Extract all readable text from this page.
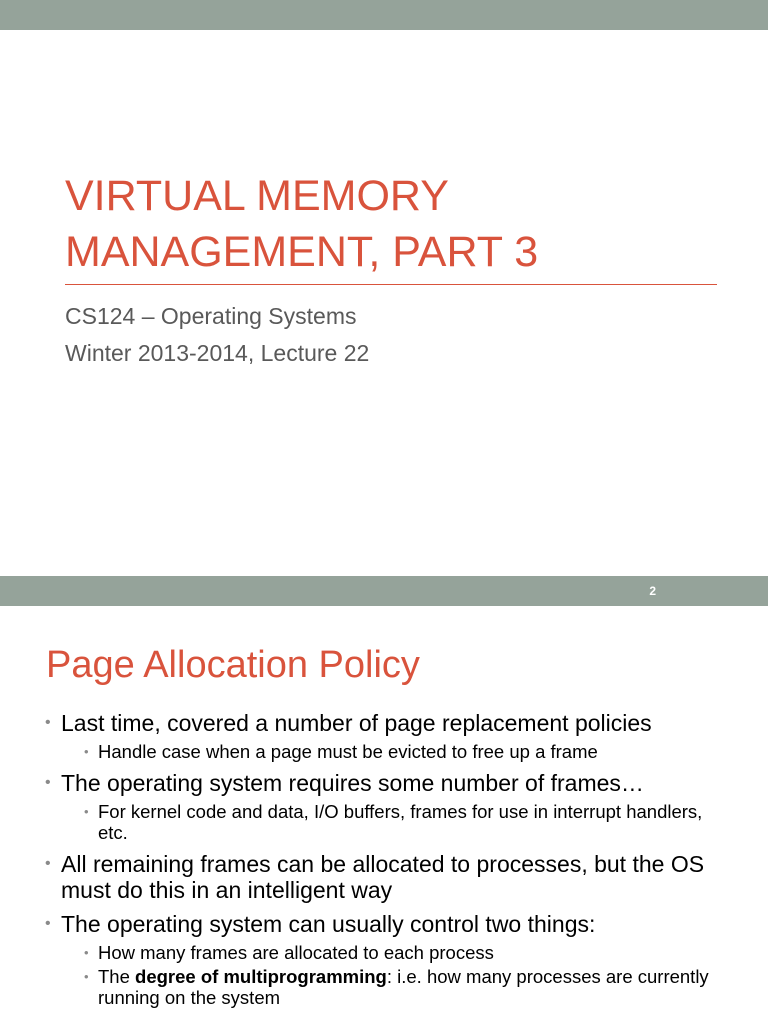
VIRTUAL MEMORY
MANAGEMENT, PART 3
CS124 – Operating Systems
Winter 2013-2014, Lecture 22
2
Page Allocation Policy
• Last time, covered a number of page replacement policies
• Handle case when a page must be evicted to free up a frame
• The operating system requires some number of frames…
• For kernel code and data, I/O buffers, frames for use in interrupt handlers, etc.
• All remaining frames can be allocated to processes, but the OS must do this in an intelligent way
• The operating system can usually control two things:
• How many frames are allocated to each process
• The degree of multiprogramming: i.e. how many processes are currently running on the system
